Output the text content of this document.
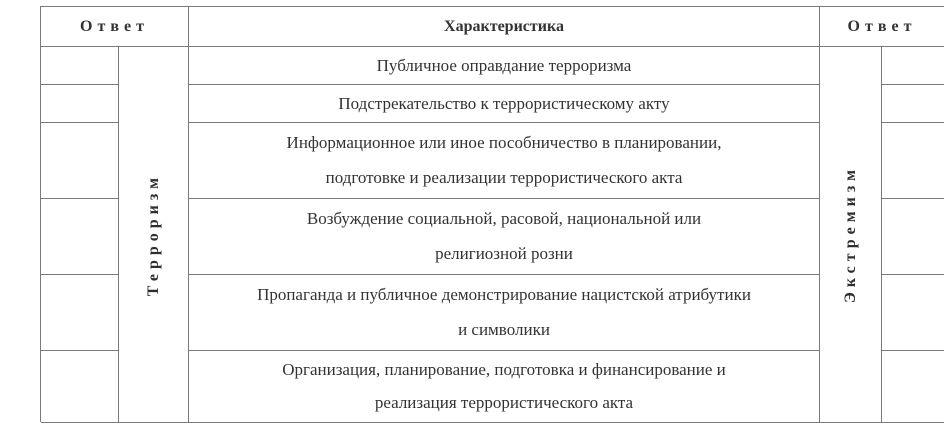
Ответ	Характеристика	Ответ
Терроризм
Публичное оправдание терроризма
Подстрекательство к террористическому акту
Информационное или иное пособничество в планировании,
подготовке и реализации террористического акта
Возбуждение социальной, расовой, национальной или
религиозной розни
Пропаганда и публичное демонстрирование нацистской атрибутики
и символики
Организация, планирование, подготовка и финансирование и
реализация террористического акта
Экстремизм
